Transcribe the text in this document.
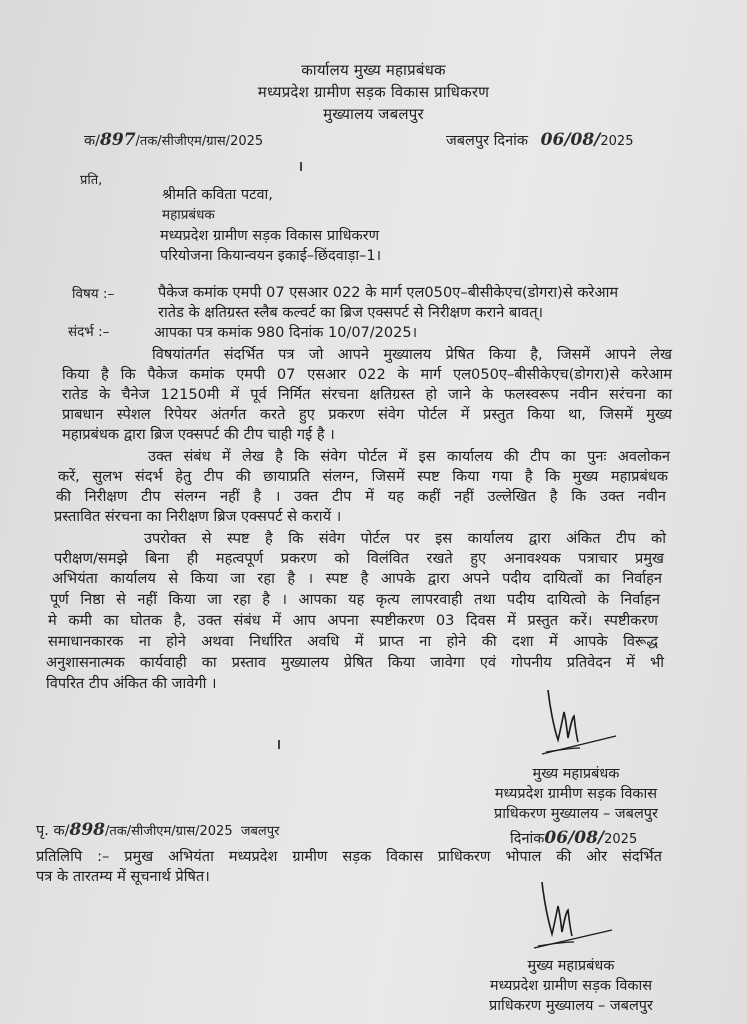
कार्यालय मुख्य महाप्रबंधक
मध्यप्रदेश ग्रामीण सड़क विकास प्राधिकरण
मुख्यालय जबलपुर
क/897/तक/सीजीएम/ग्रास/2025	जबलपुर दिनांक 06/08/2025
प्रति,
श्रीमति कविता पटवा,
महाप्रबंधक
मध्यप्रदेश ग्रामीण सड़क विकास प्राधिकरण
परियोजना कियान्वयन इकाई–छिंदवाड़ा–1।
विषय :–	पैकेज कमांक एमपी 07 एसआर 022 के मार्ग एल050ए–बीसीकेएच(डोगरा)से करेआम
रातेड के क्षतिग्रस्त स्लैब कल्वर्ट का ब्रिज एक्सपर्ट से निरीक्षण कराने बावत्।
संदर्भ :–	आपका पत्र कमांक 980 दिनांक 10/07/2025।
विषयांतर्गत संदर्भित पत्र जो आपने मुख्यालय प्रेषित किया है, जिसमें आपने लेख
किया है कि पैकेज कमांक एमपी 07 एसआर 022 के मार्ग एल050ए–बीसीकेएच(डोगरा)से करेआम
रातेड के चैनेज 12150मी में पूर्व निर्मित संरचना क्षतिग्रस्त हो जाने के फलस्वरूप नवीन सरंचना का
प्राबधान स्पेशल रिपेयर अंतर्गत करते हुए प्रकरण संवेग पोर्टल में प्रस्तुत किया था, जिसमें मुख्य
महाप्रबंधक द्वारा ब्रिज एक्सपर्ट की टीप चाही गई है ।
उक्त संबंध में लेख है कि संवेग पोर्टल में इस कार्यालय की टीप का पुनः अवलोकन
करें, सुलभ संदर्भ हेतु टीप की छायाप्रति संलग्न, जिसमें स्पष्ट किया गया है कि मुख्य महाप्रबंधक
की निरीक्षण टीप संलग्न नहीं है । उक्त टीप में यह कहीं नहीं उल्लेखित है कि उक्त नवीन
प्रस्तावित संरचना का निरीक्षण ब्रिज एक्सपर्ट से करायें ।
उपरोक्त से स्पष्ट है कि संवेग पोर्टल पर इस कार्यालय द्वारा अंकित टीप को
परीक्षण/समझे बिना ही महत्वपूर्ण प्रकरण को विलंवित रखते हुए अनावश्यक पत्राचार प्रमुख
अभियंता कार्यालय से किया जा रहा है । स्पष्ट है आपके द्वारा अपने पदीय दायित्वों का निर्वाहन
पूर्ण निष्ठा से नहीं किया जा रहा है । आपका यह कृत्य लापरवाही तथा पदीय दायित्वो के निर्वाहन
मे कमी का घोतक है, उक्त संबंध में आप अपना स्पष्टीकरण 03 दिवस में प्रस्तुत करें। स्पष्टीकरण
समाधानकारक ना होने अथवा निर्धारित अवधि में प्राप्त ना होने की दशा में आपके विरूद्ध
अनुशासनात्मक कार्यवाही का प्रस्ताव मुख्यालय प्रेषित किया जावेगा एवं गोपनीय प्रतिवेदन में भी
विपरित टीप अंकित की जावेगी ।
मुख्य महाप्रबंधक
मध्यप्रदेश ग्रामीण सड़क विकास
प्राधिकरण मुख्यालय – जबलपुर
पृ. क/898/तक/सीजीएम/ग्रास/2025  जबलपुर	दिनांक06/08/2025
प्रतिलिपि :– प्रमुख अभियंता मध्यप्रदेश ग्रामीण सड़क विकास प्राधिकरण भोपाल की ओर संदर्भित
पत्र के तारतम्य में सूचनार्थ प्रेषित।
मुख्य महाप्रबंधक
मध्यप्रदेश ग्रामीण सड़क विकास
प्राधिकरण मुख्यालय – जबलपुर
